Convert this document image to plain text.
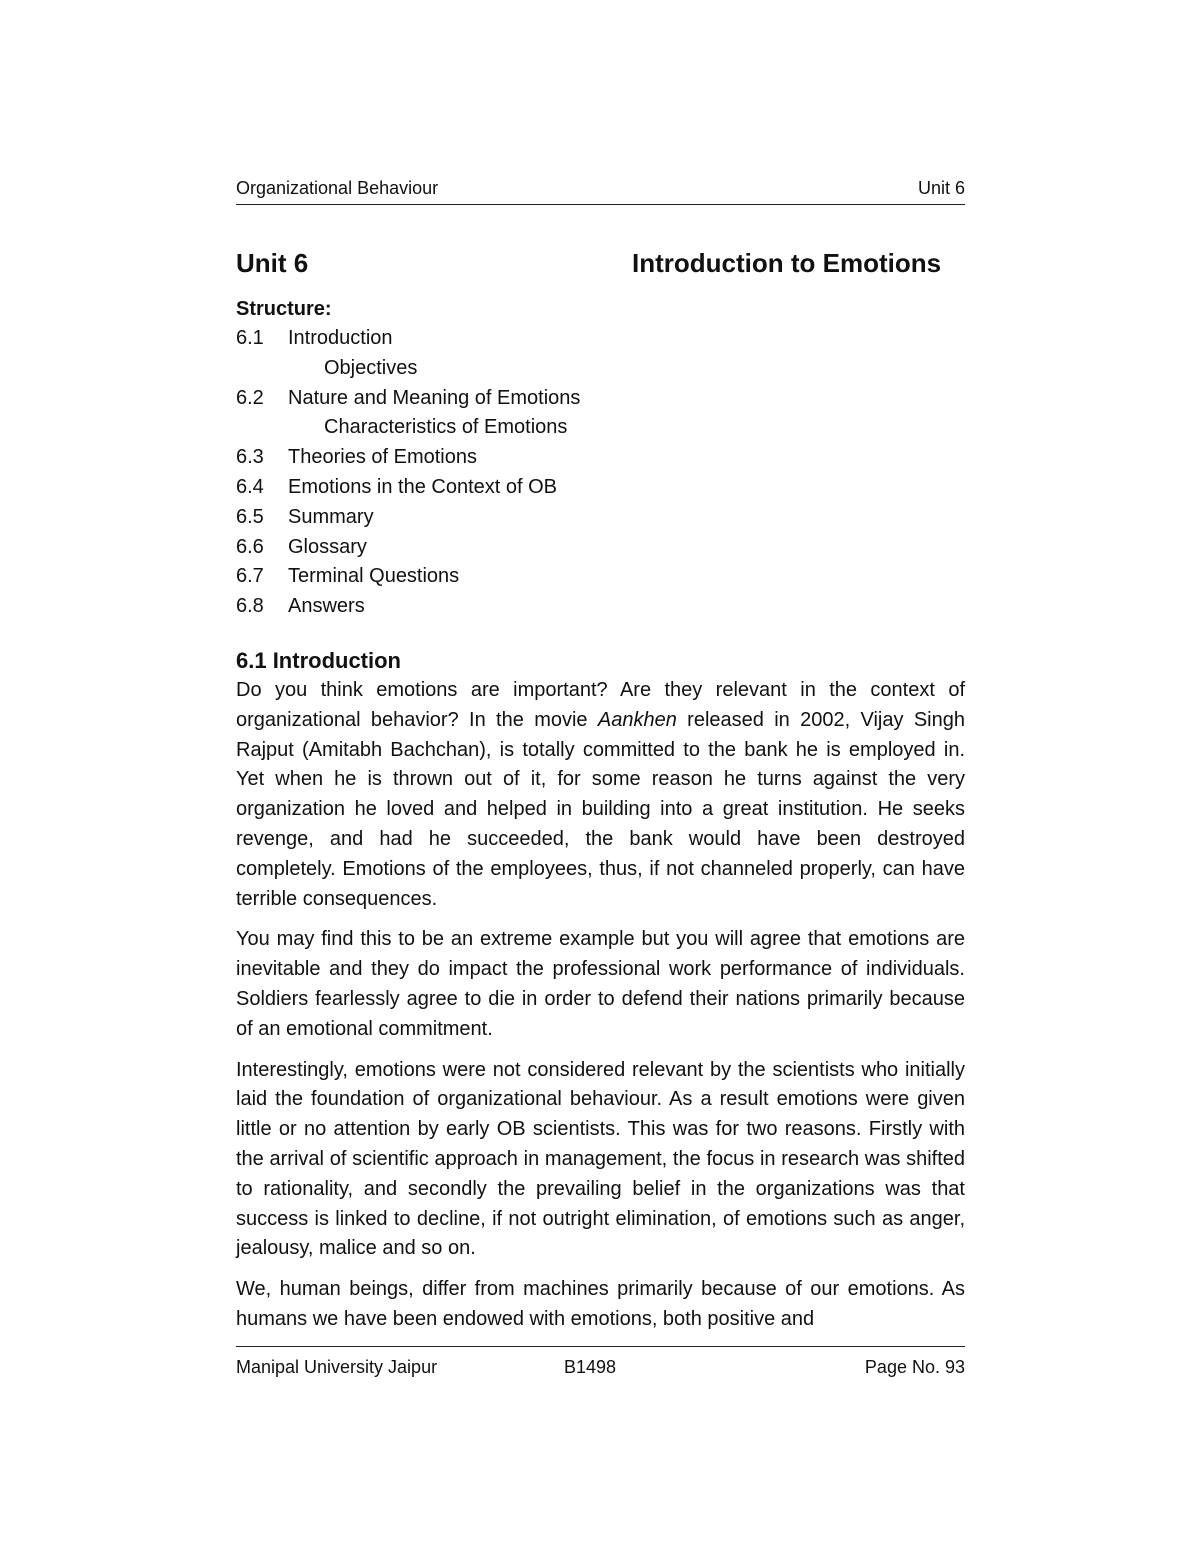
Organizational Behaviour	Unit 6
Unit 6	Introduction to Emotions
Structure:
6.1 Introduction
Objectives
6.2 Nature and Meaning of Emotions
Characteristics of Emotions
6.3 Theories of Emotions
6.4 Emotions in the Context of OB
6.5 Summary
6.6 Glossary
6.7 Terminal Questions
6.8 Answers
6.1 Introduction

Do you think emotions are important? Are they relevant in the context of organizational behavior? In the movie Aankhen released in 2002, Vijay Singh Rajput (Amitabh Bachchan), is totally committed to the bank he is employed in. Yet when he is thrown out of it, for some reason he turns against the very organization he loved and helped in building into a great institution. He seeks revenge, and had he succeeded, the bank would have been destroyed completely. Emotions of the employees, thus, if not channeled properly, can have terrible consequences.

You may find this to be an extreme example but you will agree that emotions are inevitable and they do impact the professional work performance of individuals. Soldiers fearlessly agree to die in order to defend their nations primarily because of an emotional commitment.

Interestingly, emotions were not considered relevant by the scientists who initially laid the foundation of organizational behaviour. As a result emotions were given little or no attention by early OB scientists. This was for two reasons. Firstly with the arrival of scientific approach in management, the focus in research was shifted to rationality, and secondly the prevailing belief in the organizations was that success is linked to decline, if not outright elimination, of emotions such as anger, jealousy, malice and so on.

We, human beings, differ from machines primarily because of our emotions. As humans we have been endowed with emotions, both positive and

Manipal University Jaipur	B1498	Page No. 93
